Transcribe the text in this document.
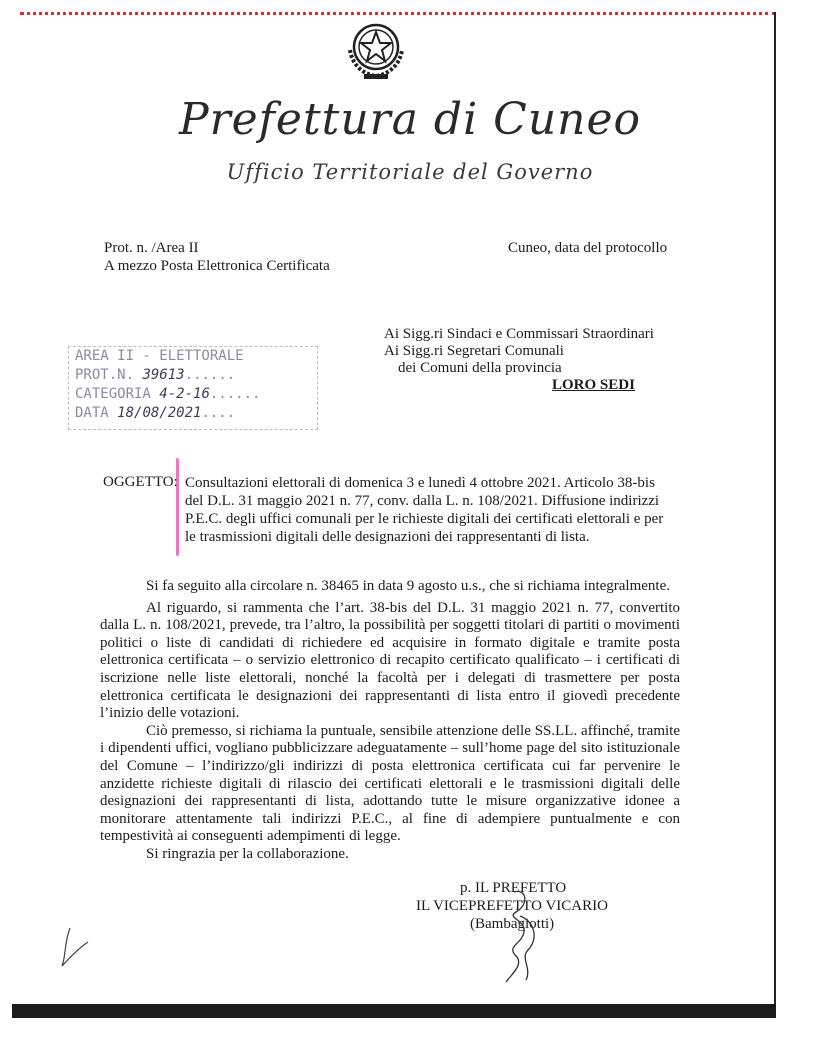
Prefettura di Cuneo
Ufficio Territoriale del Governo
Prot. n. /Area II
A mezzo Posta Elettronica Certificata
Cuneo, data del protocollo
Ai Sigg.ri Sindaci e Commissari Straordinari
Ai Sigg.ri Segretari Comunali
dei Comuni della provincia
LORO SEDI
AREA II - ELETTORALE
PROT.N. 39613......
CATEGORIA 4-2-16......
DATA 18/08/2021....
OGGETTO: Consultazioni elettorali di domenica 3 e lunedì 4 ottobre 2021. Articolo 38-bis
del D.L. 31 maggio 2021 n. 77, conv. dalla L. n. 108/2021. Diffusione indirizzi
P.E.C. degli uffici comunali per le richieste digitali dei certificati elettorali e per
le trasmissioni digitali delle designazioni dei rappresentanti di lista.

Si fa seguito alla circolare n. 38465 in data 9 agosto u.s., che si richiama integralmente.

Al riguardo, si rammenta che l’art. 38-bis del D.L. 31 maggio 2021 n. 77, convertito dalla L. n. 108/2021, prevede, tra l’altro, la possibilità per soggetti titolari di partiti o movimenti politici o liste di candidati di richiedere ed acquisire in formato digitale e tramite posta elettronica certificata – o servizio elettronico di recapito certificato qualificato – i certificati di iscrizione nelle liste elettorali, nonché la facoltà per i delegati di trasmettere per posta elettronica certificata le designazioni dei rappresentanti di lista entro il giovedì precedente l’inizio delle votazioni.

Ciò premesso, si richiama la puntuale, sensibile attenzione delle SS.LL. affinché, tramite i dipendenti uffici, vogliano pubblicizzare adeguatamente – sull’home page del sito istituzionale del Comune – l’indirizzo/gli indirizzi di posta elettronica certificata cui far pervenire le anzidette richieste digitali di rilascio dei certificati elettorali e le trasmissioni digitali delle designazioni dei rappresentanti di lista, adottando tutte le misure organizzative idonee a monitorare attentamente tali indirizzi P.E.C., al fine di adempiere puntualmente e con tempestività ai conseguenti adempimenti di legge.

Si ringrazia per la collaborazione.

p. IL PREFETTO
IL VICEPREFETTO VICARIO
(Bambagiotti)
